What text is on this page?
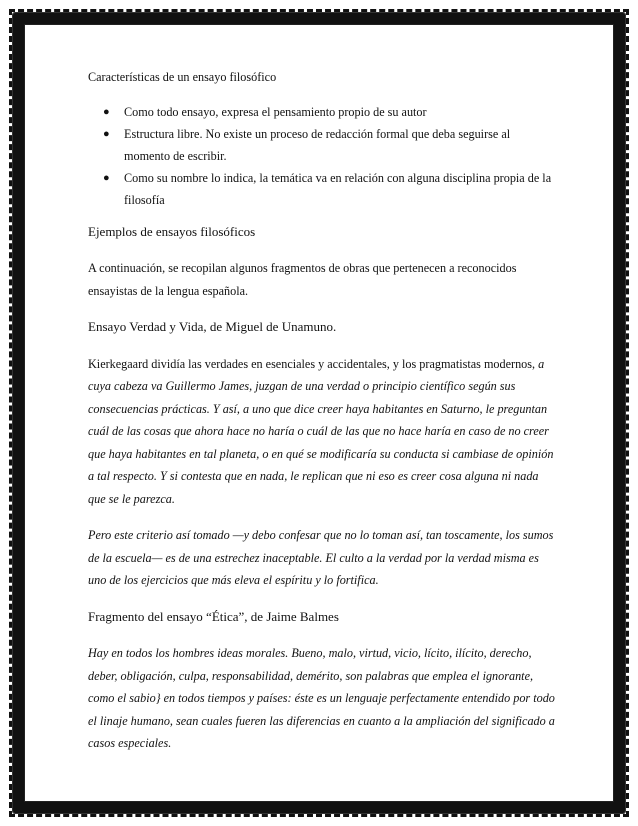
Características de un ensayo filosófico

● Como todo ensayo, expresa el pensamiento propio de su autor
● Estructura libre. No existe un proceso de redacción formal que deba seguirse al momento de escribir.
● Como su nombre lo indica, la temática va en relación con alguna disciplina propia de la filosofía

Ejemplos de ensayos filosóficos

A continuación, se recopilan algunos fragmentos de obras que pertenecen a reconocidos ensayistas de la lengua española.

Ensayo Verdad y Vida, de Miguel de Unamuno.

Kierkegaard dividía las verdades en esenciales y accidentales, y los pragmatistas modernos, a cuya cabeza va Guillermo James, juzgan de una verdad o principio científico según sus consecuencias prácticas. Y así, a uno que dice creer haya habitantes en Saturno, le preguntan cuál de las cosas que ahora hace no haría o cuál de las que no hace haría en caso de no creer que haya habitantes en tal planeta, o en qué se modificaría su conducta si cambiase de opinión a tal respecto. Y si contesta que en nada, le replican que ni eso es creer cosa alguna ni nada que se le parezca.

Pero este criterio así tomado —y debo confesar que no lo toman así, tan toscamente, los sumos de la escuela— es de una estrechez inaceptable. El culto a la verdad por la verdad misma es uno de los ejercicios que más eleva el espíritu y lo fortifica.

Fragmento del ensayo “Ética”, de Jaime Balmes

Hay en todos los hombres ideas morales. Bueno, malo, virtud, vicio, lícito, ilícito, derecho, deber, obligación, culpa, responsabilidad, demérito, son palabras que emplea el ignorante, como el sabio} en todos tiempos y países: éste es un lenguaje perfectamente entendido por todo el linaje humano, sean cuales fueren las diferencias en cuanto a la ampliación del significado a casos especiales.
